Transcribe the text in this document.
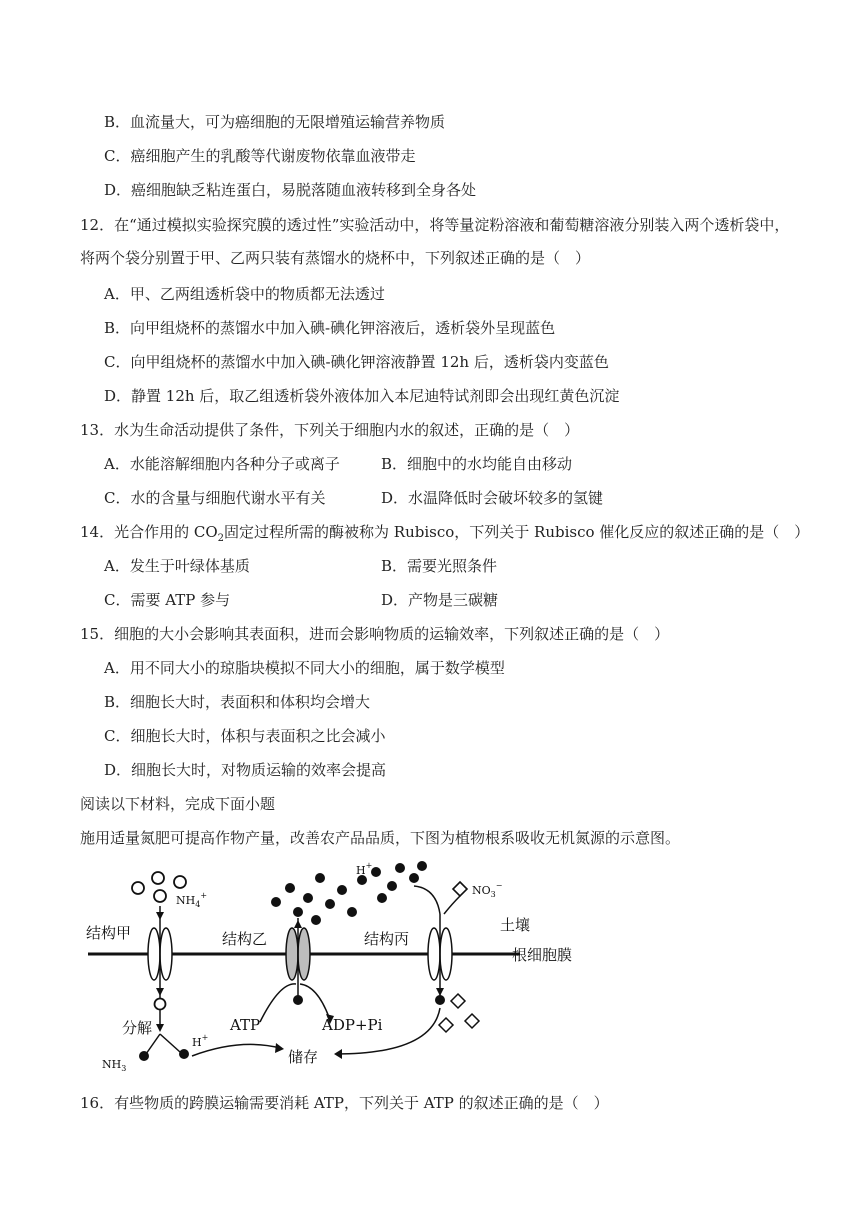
B．血流量大，可为癌细胞的无限增殖运输营养物质
C．癌细胞产生的乳酸等代谢废物依靠血液带走
D．癌细胞缺乏粘连蛋白，易脱落随血液转移到全身各处
12．在“通过模拟实验探究膜的透过性”实验活动中，将等量淀粉溶液和葡萄糖溶液分别装入两个透析袋中，
将两个袋分别置于甲、乙两只装有蒸馏水的烧杯中，下列叙述正确的是（　）
A．甲、乙两组透析袋中的物质都无法透过
B．向甲组烧杯的蒸馏水中加入碘-碘化钾溶液后，透析袋外呈现蓝色
C．向甲组烧杯的蒸馏水中加入碘-碘化钾溶液静置 12h 后，透析袋内变蓝色
D．静置 12h 后，取乙组透析袋外液体加入本尼迪特试剂即会出现红黄色沉淀
13．水为生命活动提供了条件，下列关于细胞内水的叙述，正确的是（　）
A．水能溶解细胞内各种分子或离子	B．细胞中的水均能自由移动
C．水的含量与细胞代谢水平有关	D．水温降低时会破坏较多的氢键
14．光合作用的 $CO_2$固定过程所需的酶被称为 Rubisco，下列关于 Rubisco 催化反应的叙述正确的是（　）
A．发生于叶绿体基质	B．需要光照条件
C．需要 ATP 参与	D．产物是三碳糖
15．细胞的大小会影响其表面积，进而会影响物质的运输效率，下列叙述正确的是（　）
A．用不同大小的琼脂块模拟不同大小的细胞，属于数学模型
B．细胞长大时，表面积和体积均会增大
C．细胞长大时，体积与表面积之比会减小
D．细胞长大时，对物质运输的效率会提高
阅读以下材料，完成下面小题
施用适量氮肥可提高作物产量，改善农产品品质，下图为植物根系吸收无机氮源的示意图。
$NH_4^+$
结构甲
分解
H+
$NH_3$
结构乙
H+
ATP	ADP+Pi
结构丙
$NO_3^-$
土壤
根细胞膜
储存
16．有些物质的跨膜运输需要消耗 ATP，下列关于 ATP 的叙述正确的是（　）
